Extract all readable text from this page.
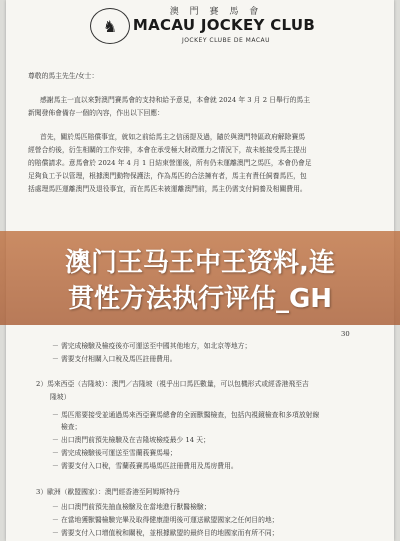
♞
澳 門 賽 馬 會
MACAU JOCKEY CLUB
JOCKEY CLUBE DE MACAU
尊敬的馬主先生/女士：
感謝馬主一直以來對澳門賽馬會的支持和給予意見，本會就 2024 年 3 月 2 日舉行的馬主
新聞發佈會備存一個的內容，作出以下回應：
首先，關於馬匹賠償事宜，就如之前給馬主之信函提及過，隨於與澳門特區政府解除賽馬
經營合約後，衍生相關的工作安排，本會在承受極大財政壓力之情況下，故未能接受馬主提出
的賠償請求。意馬會於 2024 年 4 月 1 日結束營運後，所有仍未運離澳門之馬匹，本會仍會足
足夠負工予以管理，根據澳門動物保護法，作為馬匹的合法擁有者，馬主有責任飼養馬匹，包
括處理馬匹運離澳門及退役事宜，而在馬匹未被運離澳門前，馬主仍需支付飼養及相關費用。
30
－ 需完成檢驗及檢疫後亦可運送至中國其他地方，如北京等地方；
－ 需要支付相關入口稅及馬匹註冊費用。
2）馬來西亞（吉隆坡）：澳門／吉隆坡（視乎出口馬匹數量，可以包機形式或經香港飛至吉
隆坡）
－ 馬匹需要接受並通過馬來西亞賽馬總會的全面獸醫檢查，包括內視鏡檢查和多項放射線
　 檢查；
－ 出口澳門前預先檢驗及在吉隆坡檢疫最少 14 天；
－ 需完成檢驗後可運送至雪蘭莪賽馬場；
－ 需要支付入口稅，雪蘭莪賽馬場馬匹註冊費用及馬房費用。
3）歐洲（歐盟國家）：澳門經香港至阿姆斯特丹
－ 出口澳門前預先抽血檢驗及在當地進行獸醫檢驗；
－ 在當地獲獸醫檢驗完畢及取得健康證明後可運送歐盟國家之任何目的地；
－ 需要支付入口增值稅和關稅，並根據歐盟的最終目的地國家而有所不同；
澳门王马王中王资料,连
贯性方法执行评估_GH
